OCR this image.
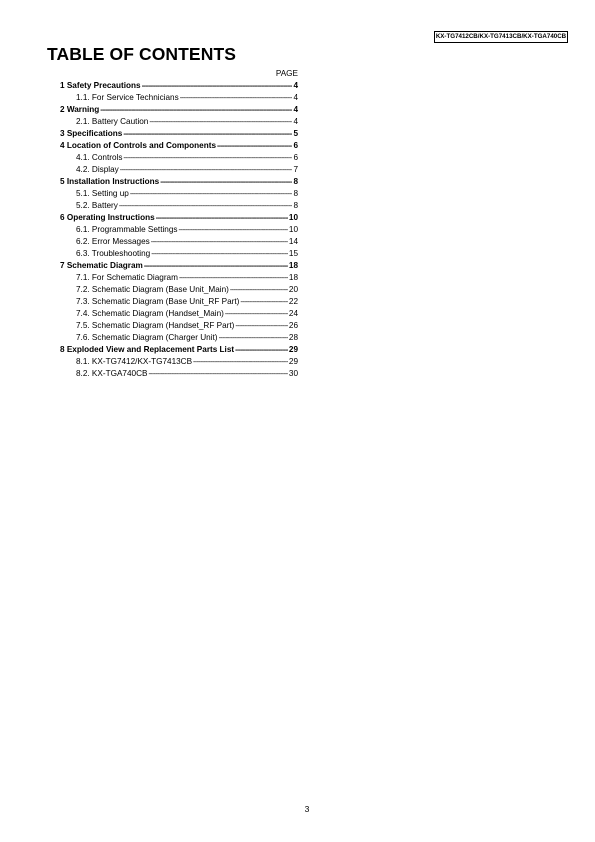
KX-TG7412CB/KX-TG7413CB/KX-TGA740CB
TABLE OF CONTENTS
PAGE
1 Safety Precautions -----	4
1.1. For Service Technicians -----	4
2 Warning -----	4
2.1. Battery Caution -----	4
3 Specifications -----	5
4 Location of Controls and Components -----	6
4.1. Controls -----	6
4.2. Display -----	7
5 Installation Instructions -----	8
5.1. Setting up -----	8
5.2. Battery -----	8
6 Operating Instructions -----	10
6.1. Programmable Settings -----	10
6.2. Error Messages -----	14
6.3. Troubleshooting -----	15
7 Schematic Diagram -----	18
7.1. For Schematic Diagram -----	18
7.2. Schematic Diagram (Base Unit_Main) -----	20
7.3. Schematic Diagram (Base Unit_RF Part) -----	22
7.4. Schematic Diagram (Handset_Main) -----	24
7.5. Schematic Diagram (Handset_RF Part) -----	26
7.6. Schematic Diagram (Charger Unit) -----	28
8 Exploded View and Replacement Parts List -----	29
8.1. KX-TG7412/KX-TG7413CB -----	29
8.2. KX-TGA740CB -----	30
3
